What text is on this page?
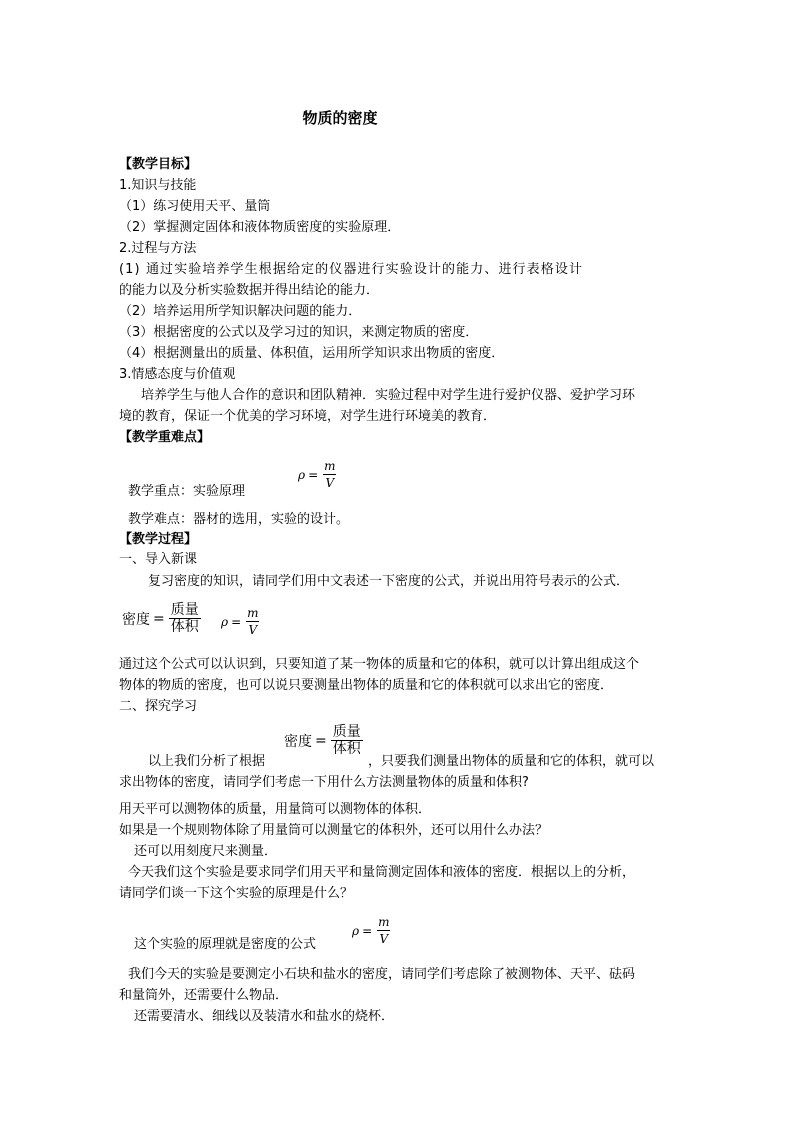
物质的密度
【教学目标】
1.知识与技能
（1）练习使用天平、量筒
（2）掌握测定固体和液体物质密度的实验原理．
2.过程与方法
(1) 通过实验培养学生根据给定的仪器进行实验设计的能力、进行表格设计
的能力以及分析实验数据并得出结论的能力．
（2）培养运用所学知识解决问题的能力．
（3）根据密度的公式以及学习过的知识，来测定物质的密度．
（4）根据测量出的质量、体积值，运用所学知识求出物质的密度．
3.情感态度与价值观
培养学生与他人合作的意识和团队精神．实验过程中对学生进行爱护仪器、爱护学习环
境的教育，保证一个优美的学习环境，对学生进行环境美的教育．
【教学重难点】
教学重点：实验原理
$\rho = \frac{m}{V}$
教学难点：器材的选用，实验的设计。
【教学过程】
一、导入新课
复习密度的知识，请同学们用中文表述一下密度的公式，并说出用符号表示的公式．
密度 = $\frac{\text{质量}}{\text{体积}}$ $\rho = \frac{m}{V}$
通过这个公式可以认识到，只要知道了某一物体的质量和它的体积，就可以计算出组成这个
物体的物质的密度，也可以说只要测量出物体的质量和它的体积就可以求出它的密度．
二、探究学习
以上我们分析了根据
密度 = $\frac{\text{质量}}{\text{体积}}$
，只要我们测量出物体的质量和它的体积，就可以
求出物体的密度，请同学们考虑一下用什么方法测量物体的质量和体积?
用天平可以测物体的质量，用量筒可以测物体的体积．
如果是一个规则物体除了用量筒可以测量它的体积外，还可以用什么办法？
还可以用刻度尺来测量．
今天我们这个实验是要求同学们用天平和量筒测定固体和液体的密度．根据以上的分析，
请同学们谈一下这个实验的原理是什么？
这个实验的原理就是密度的公式
$\rho = \frac{m}{V}$
我们今天的实验是要测定小石块和盐水的密度，请同学们考虑除了被测物体、天平、砝码
和量筒外，还需要什么物品．
还需要清水、细线以及装清水和盐水的烧杯．
